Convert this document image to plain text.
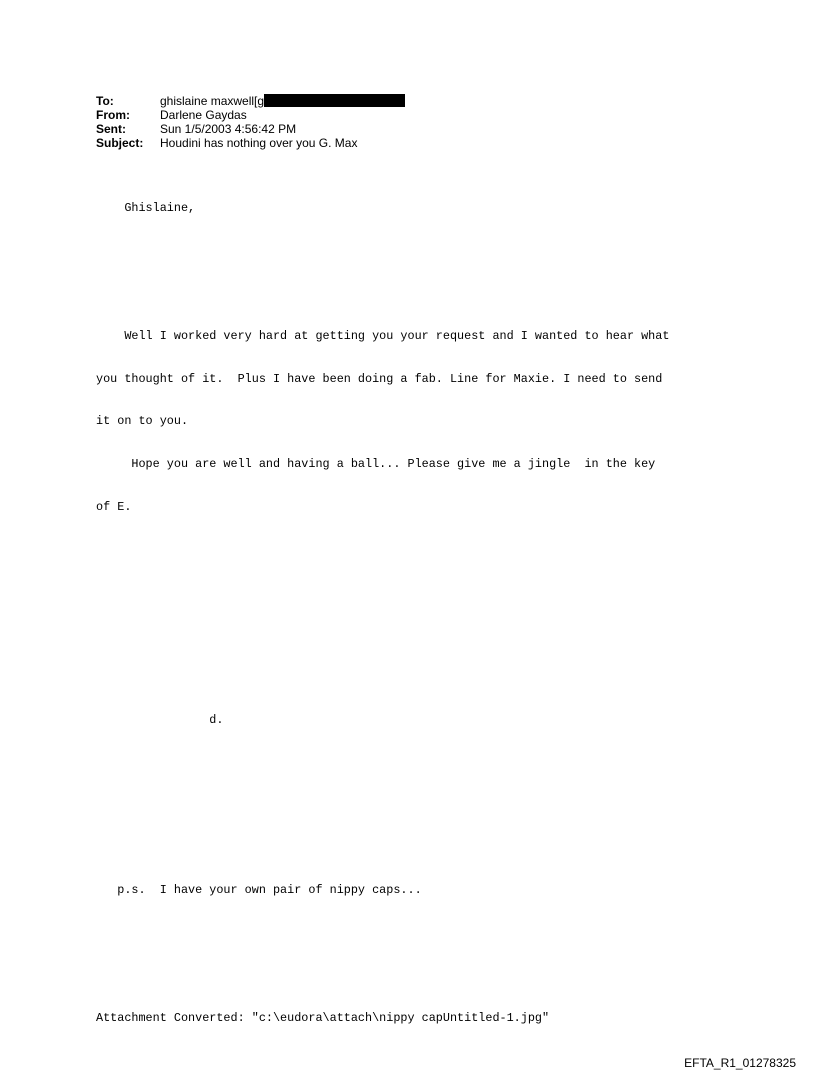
To:	ghislaine maxwell[g
From:	Darlene Gaydas
Sent:	Sun 1/5/2003 4:56:42 PM
Subject:	Houdini has nothing over you G. Max

Ghislaine,

Well I worked very hard at getting you your request and I wanted to hear what

you thought of it.  Plus I have been doing a fab. Line for Maxie. I need to send

it on to you.

Hope you are well and having a ball... Please give me a jingle  in the key

of E.

d.

p.s.  I have your own pair of nippy caps...

Attachment Converted: "c:\eudora\attach\nippy capUntitled-1.jpg"

EFTA_R1_01278325
